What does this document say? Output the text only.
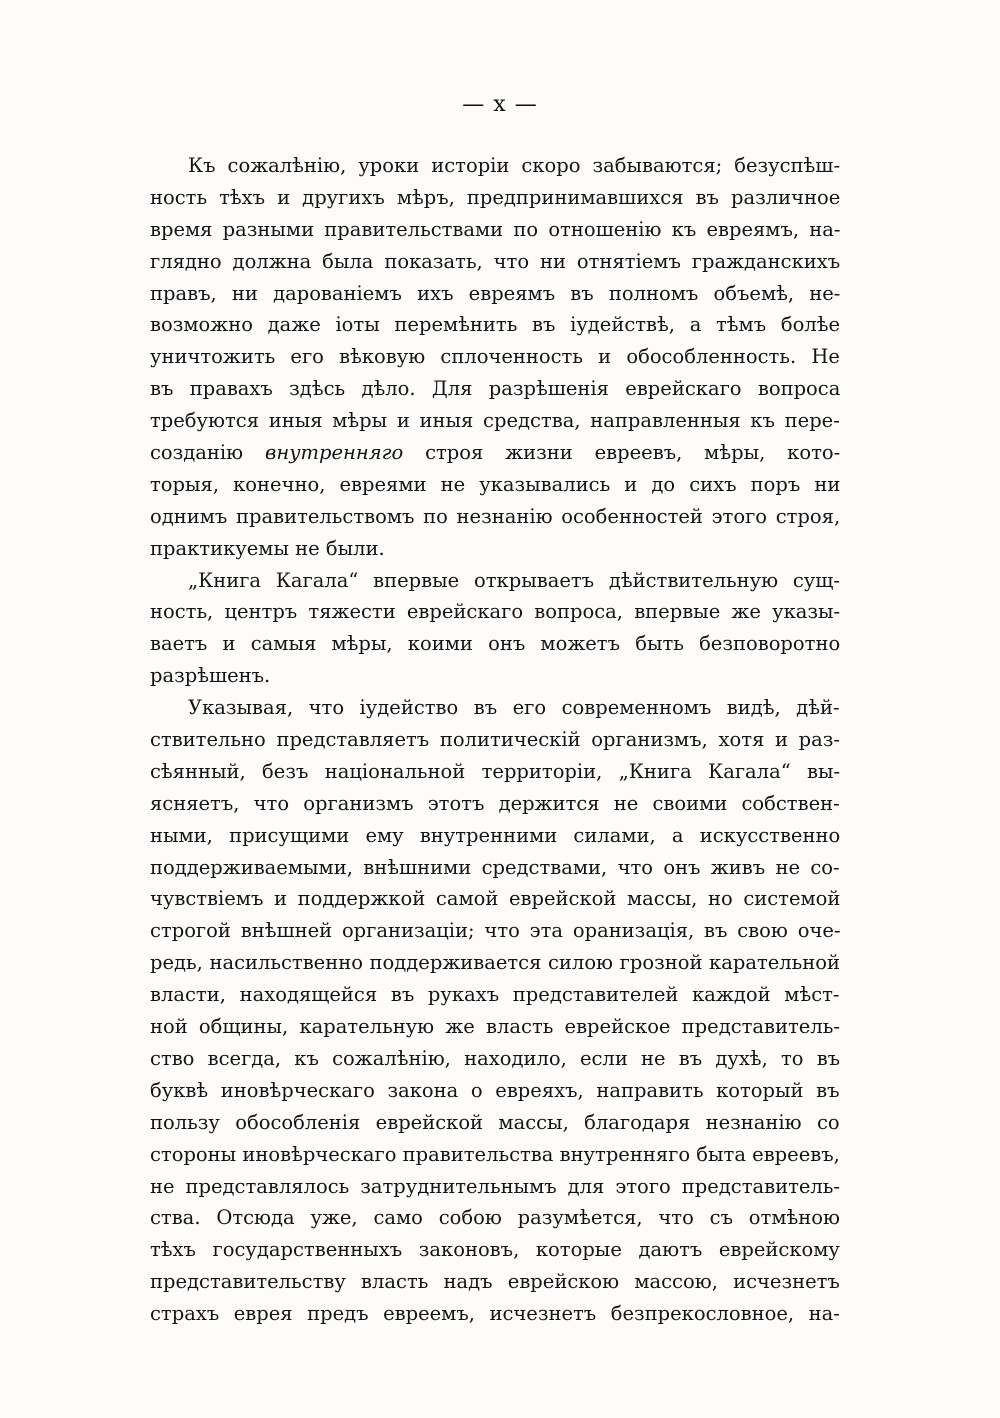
— x —
Къ сожалѣнію, уроки исторіи скоро забываются; безуспѣш-
ность тѣхъ и другихъ мѣръ, предпринимавшихся въ различное
время разными правительствами по отношенію къ евреямъ, на-
глядно должна была показать, что ни отнятіемъ гражданскихъ
правъ, ни дарованіемъ ихъ евреямъ въ полномъ объемѣ, не-
возможно даже іоты перемѣнить въ іудействѣ, а тѣмъ болѣе
уничтожить его вѣковую сплоченность и обособленность. Не
въ правахъ здѣсь дѣло. Для разрѣшенія еврейскаго вопроса
требуются иныя мѣры и иныя средства, направленныя къ пере-
созданію внутренняго строя жизни евреевъ, мѣры, кото-
торыя, конечно, евреями не указывались и до сихъ поръ ни
однимъ правительствомъ по незнанію особенностей этого строя,
практикуемы не были.
„Книга Кагала“ впервые открываетъ дѣйствительную сущ-
ность, центръ тяжести еврейскаго вопроса, впервые же указы-
ваетъ и самыя мѣры, коими онъ можетъ быть безповоротно
разрѣшенъ.
Указывая, что іудейство въ его современномъ видѣ, дѣй-
ствительно представляетъ политическій организмъ, хотя и раз-
сѣянный, безъ національной территоріи, „Книга Кагала“ вы-
ясняетъ, что организмъ этотъ держится не своими собствен-
ными, присущими ему внутренними силами, а искусственно
поддерживаемыми, внѣшними средствами, что онъ живъ не со-
чувствіемъ и поддержкой самой еврейской массы, но системой
строгой внѣшней организаціи; что эта оранизація, въ свою оче-
редь, насильственно поддерживается силою грозной карательной
власти, находящейся въ рукахъ представителей каждой мѣст-
ной общины, карательную же власть еврейское представитель-
ство всегда, къ сожалѣнію, находило, если не въ духѣ, то въ
буквѣ иновѣрческаго закона о евреяхъ, направить который въ
пользу обособленія еврейской массы, благодаря незнанію со
стороны иновѣрческаго правительства внутренняго быта евреевъ,
не представлялось затруднительнымъ для этого представитель-
ства. Отсюда уже, само собою разумѣется, что съ отмѣною
тѣхъ государственныхъ законовъ, которые даютъ еврейскому
представительству власть надъ еврейскою массою, исчезнетъ
страхъ еврея предъ евреемъ, исчезнетъ безпрекословное, на-
